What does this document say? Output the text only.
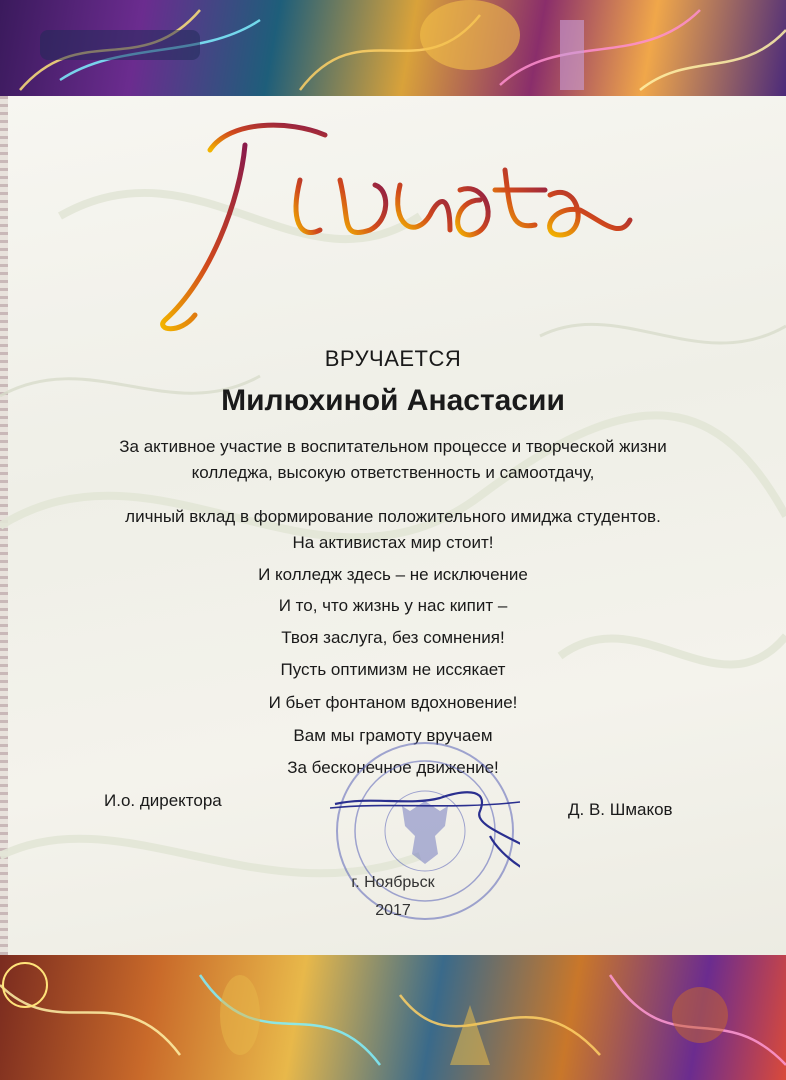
ВРУЧАЕТСЯ
Милюхиной Анастасии
За активное участие в воспитательном процессе и творческой жизни
колледжа, высокую ответственность и самоотдачу,
личный вклад в формирование положительного имиджа студентов.
На активистах мир стоит!
И колледж здесь – не исключение
И то, что жизнь у нас кипит –
Твоя заслуга, без сомнения!
Пусть оптимизм не иссякает
И бьет фонтаном вдохновение!
Вам мы грамоту вручаем
За бесконечное движение!
И.о. директора	Д. В. Шмаков
г. Ноябрьск
2017
